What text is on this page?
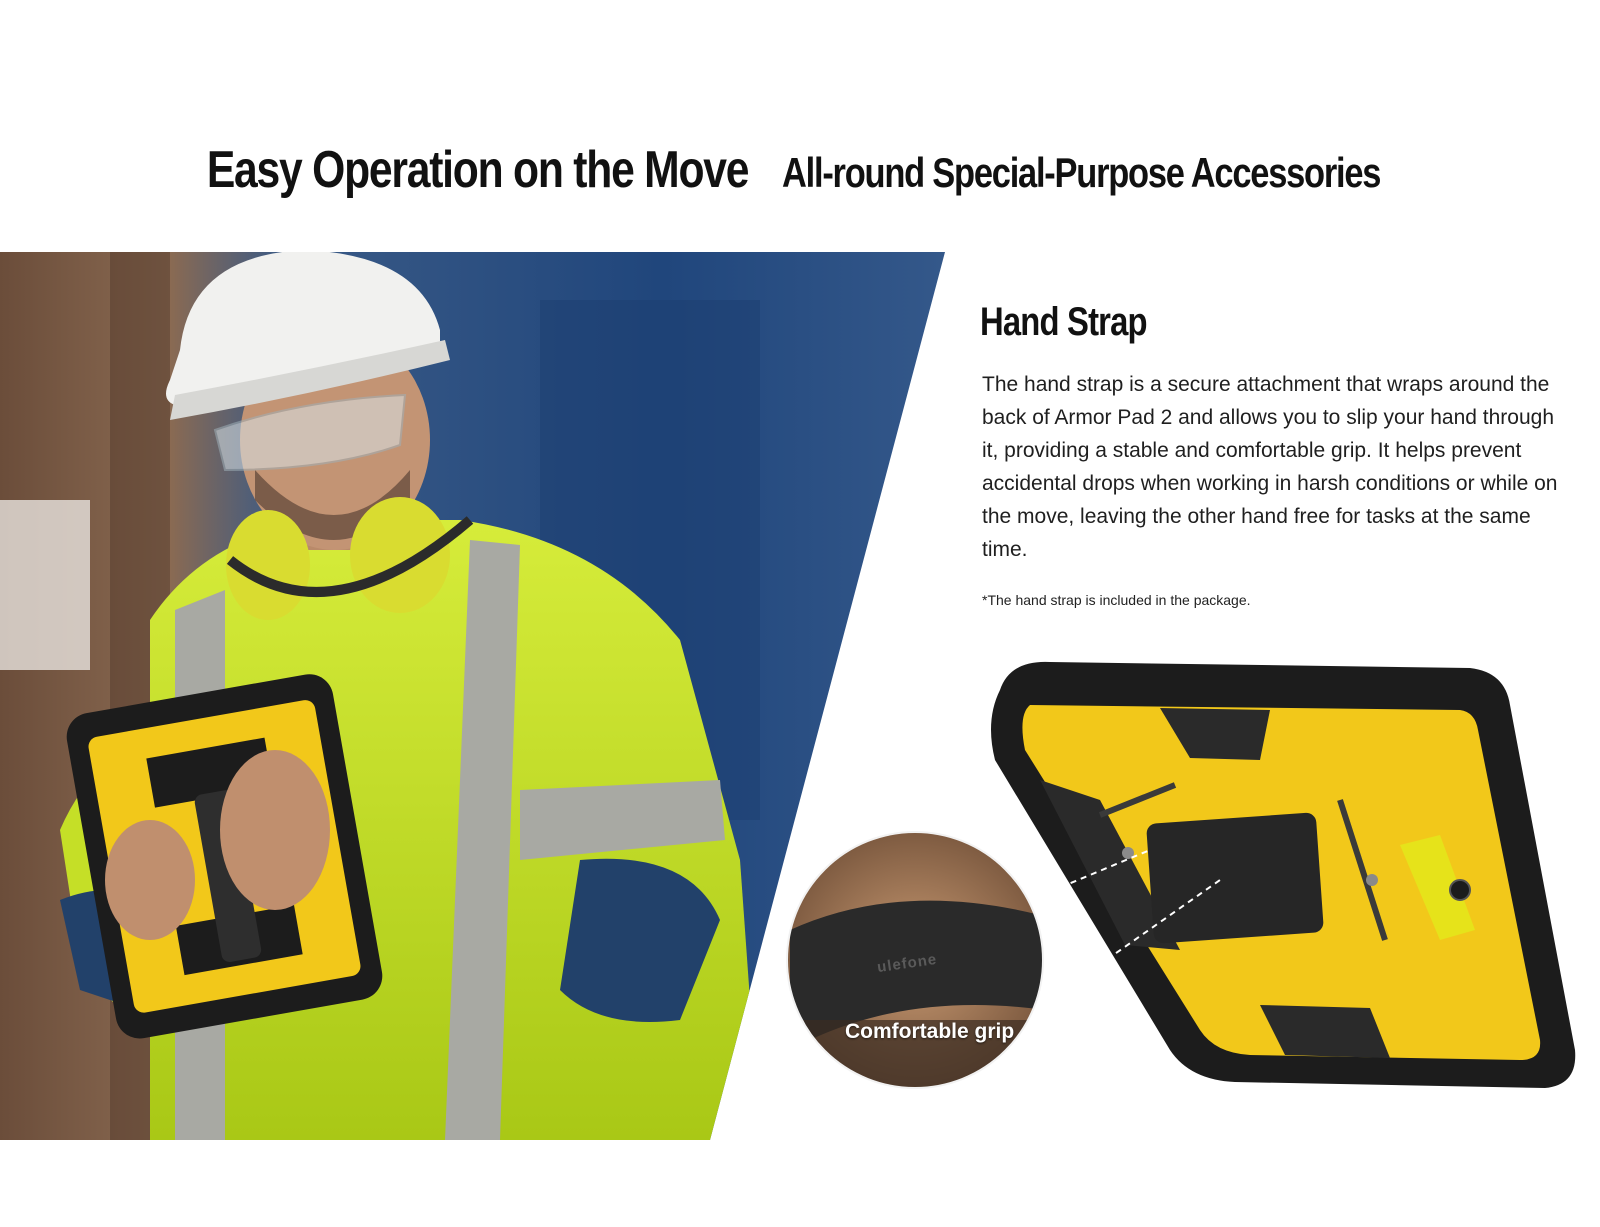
Easy Operation on the Move All-round Special-Purpose Accessories
ulefone
Hand Strap

The hand strap is a secure attachment that wraps around the back of Armor Pad 2 and allows you to slip your hand through it, providing a stable and comfortable grip. It helps prevent accidental drops when working in harsh conditions or while on the move, leaving the other hand free for tasks at the same time.

*The hand strap is included in the package.
Comfortable grip
